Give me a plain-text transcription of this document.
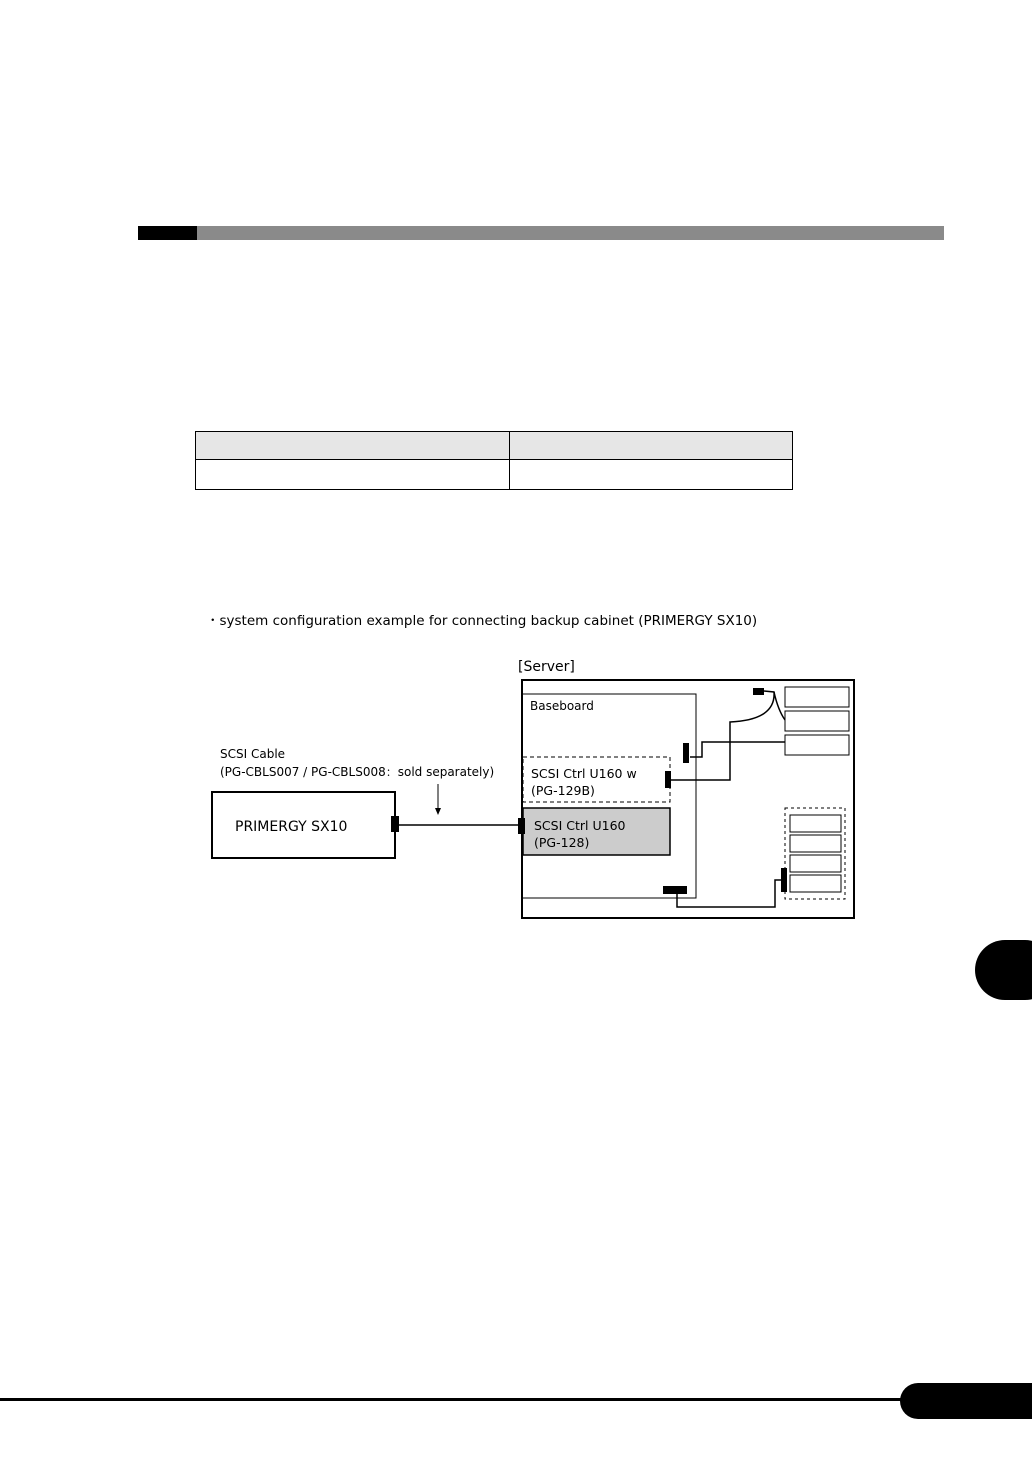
・system configuration example for connecting backup cabinet (PRIMERGY SX10)
[Server]
Baseboard
SCSI Ctrl U160 w
(PG-129B)
SCSI Ctrl U160
(PG-128)
PRIMERGY SX10
SCSI Cable
(PG-CBLS007 / PG-CBLS008：sold separately)
